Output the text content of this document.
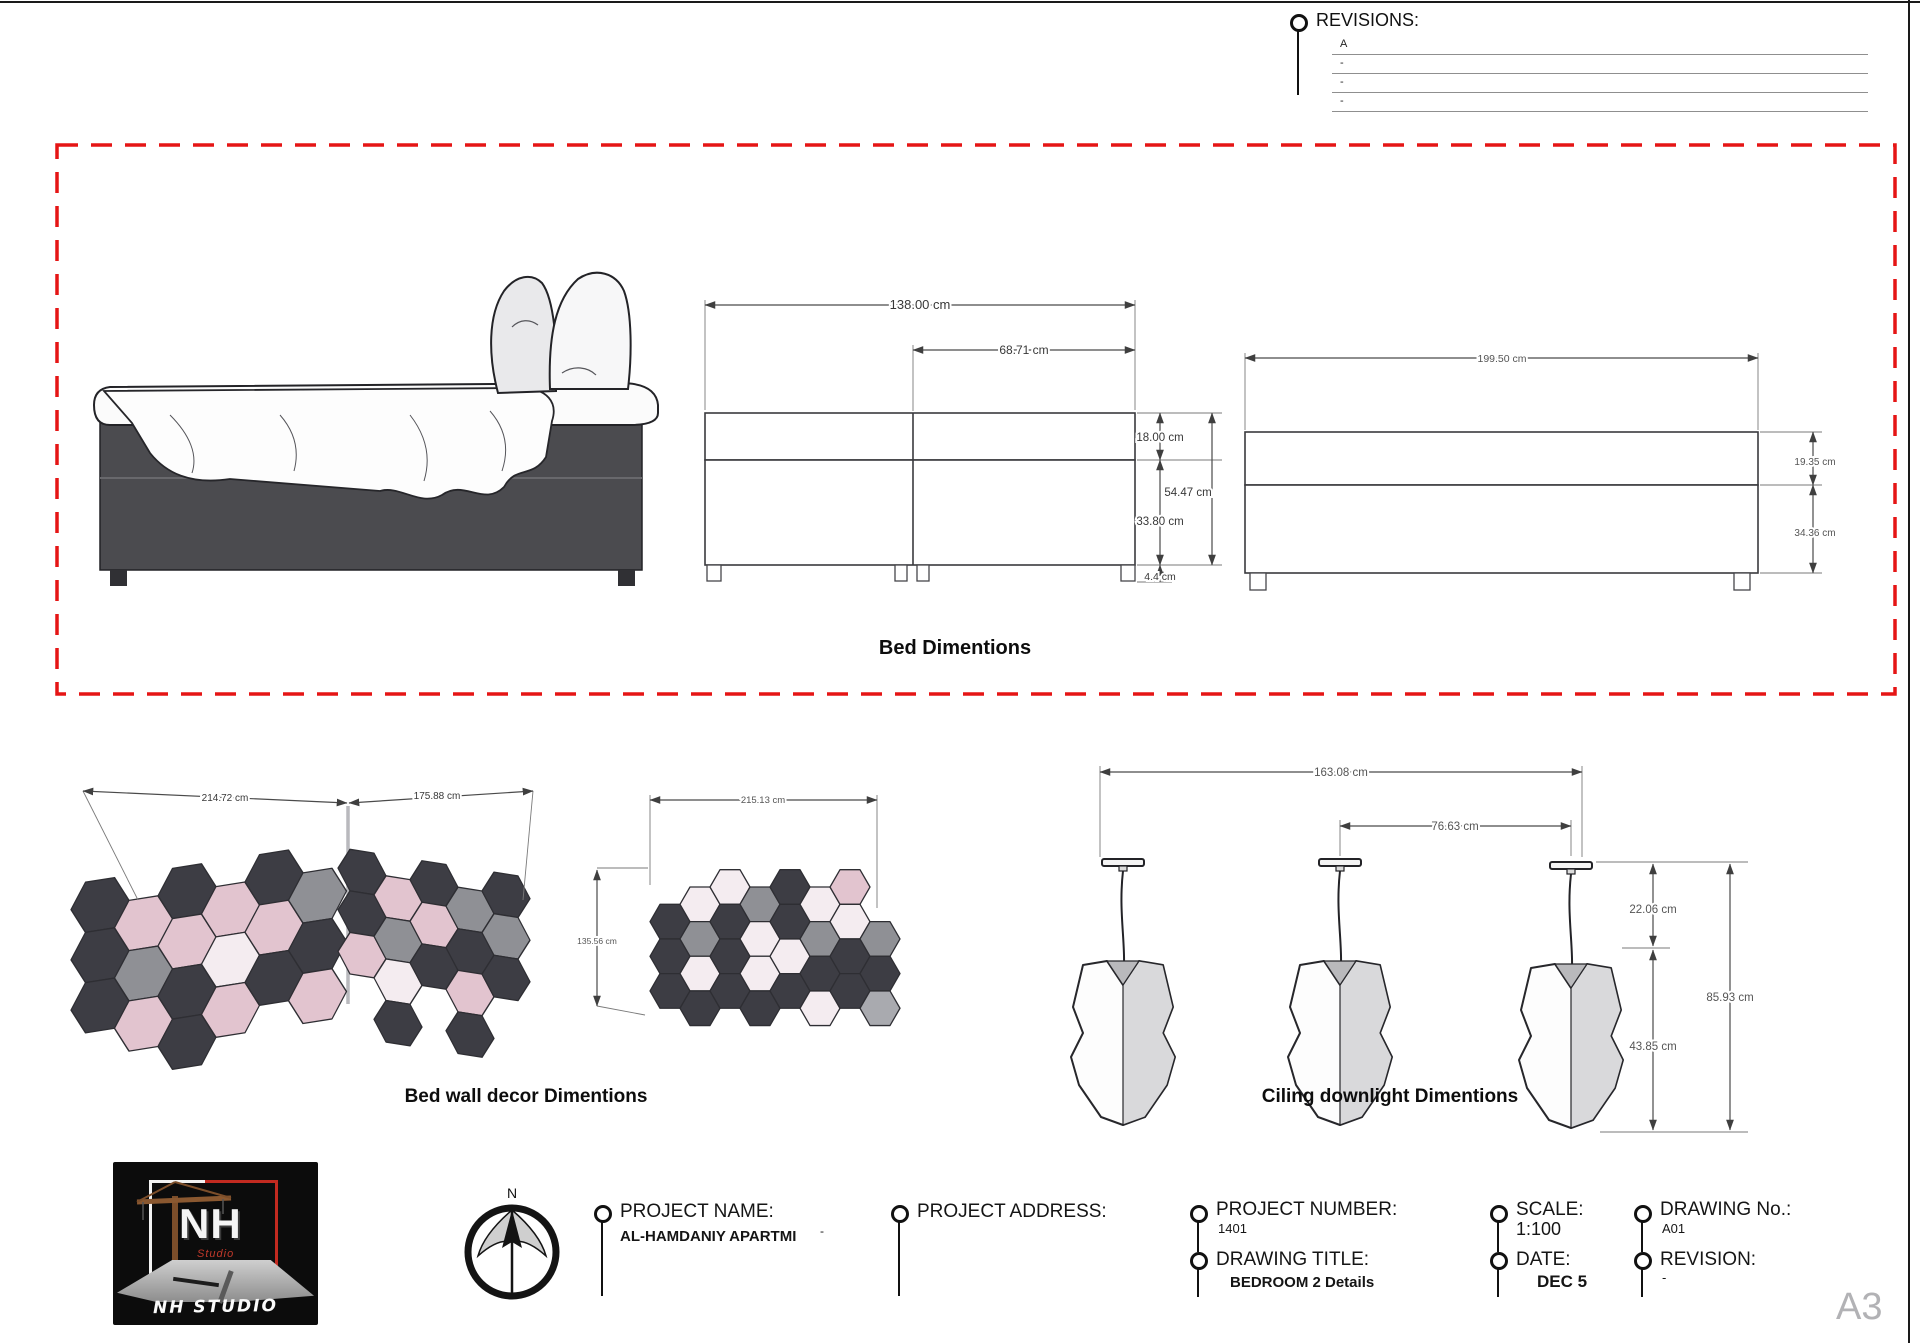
138.00 cm
68.71 cm
18.00 cm
54.47 cm
33.80 cm
4.4 cm
199.50 cm
19.35 cm
34.36 cm
214.72 cm	175.88 cm	215.13 cm
135.56 cm
163.08 cm
76.63 cm
22.06 cm
43.85 cm
85.93 cm
N
REVISIONS:
A
-
-
-
Bed Dimentions
Bed wall decor Dimentions	Ciling downlight Dimentions
NH
Studio
NH STUDIO
PROJECT NAME:
AL-HAMDANIY APARTMI -
PROJECT ADDRESS:	PROJECT NUMBER:
1401
DRAWING TITLE:
BEDROOM 2 Details
SCALE:
1:100
DATE:
DEC 5
DRAWING No.:
A01
REVISION:
-
A3
